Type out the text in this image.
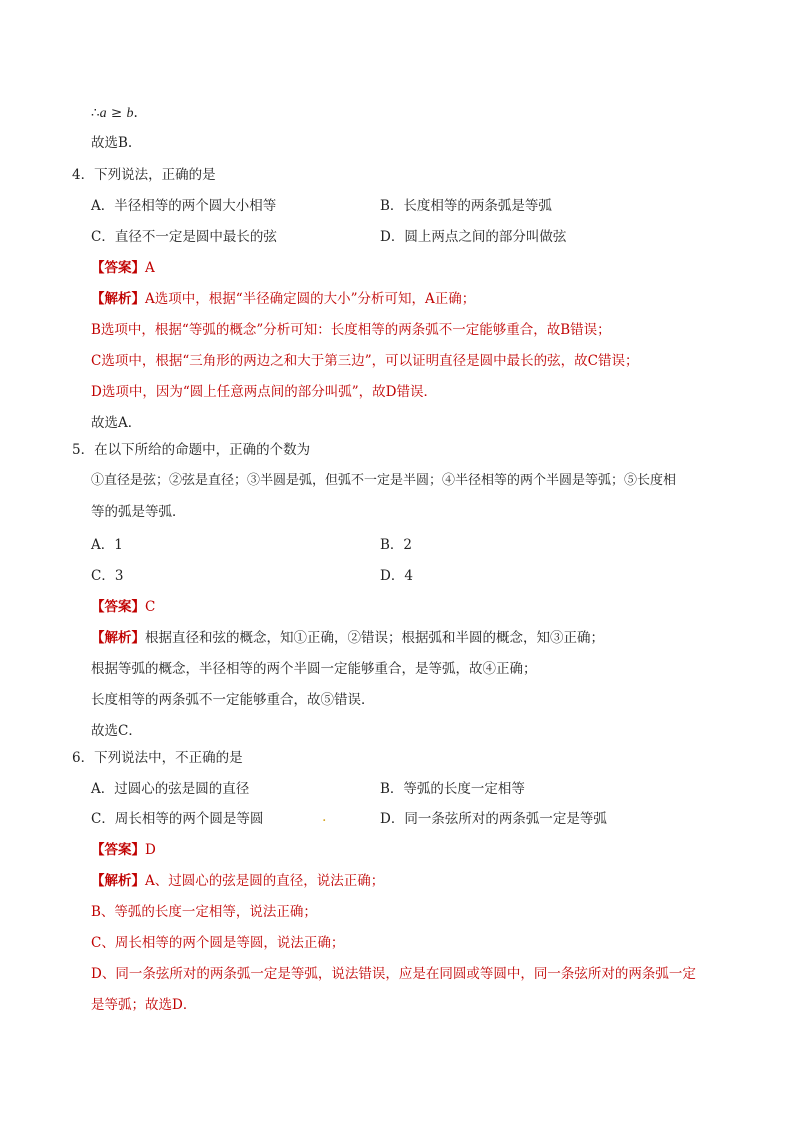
∴a ≥ b.
故选B.
4．下列说法，正确的是
A．半径相等的两个圆大小相等	B．长度相等的两条弧是等弧
C．直径不一定是圆中最长的弦	D．圆上两点之间的部分叫做弦
【答案】A
【解析】A选项中，根据“半径确定圆的大小”分析可知，A正确；
B选项中，根据“等弧的概念”分析可知：长度相等的两条弧不一定能够重合，故B错误；
C选项中，根据“三角形的两边之和大于第三边”，可以证明直径是圆中最长的弦，故C错误；
D选项中，因为“圆上任意两点间的部分叫弧”，故D错误．
故选A．
5．在以下所给的命题中，正确的个数为
①直径是弦；②弦是直径；③半圆是弧，但弧不一定是半圆；④半径相等的两个半圆是等弧；⑤长度相
等的弧是等弧．
A．1	B．2
C．3	D．4
【答案】C
【解析】根据直径和弦的概念，知①正确，②错误；根据弧和半圆的概念，知③正确；
根据等弧的概念，半径相等的两个半圆一定能够重合，是等弧，故④正确；
长度相等的两条弧不一定能够重合，故⑤错误．
故选C．
6．下列说法中，不正确的是
A．过圆心的弦是圆的直径	B．等弧的长度一定相等
C．周长相等的两个圆是等圆	.	D．同一条弦所对的两条弧一定是等弧
【答案】D
【解析】A、过圆心的弦是圆的直径，说法正确；
B、等弧的长度一定相等，说法正确；
C、周长相等的两个圆是等圆，说法正确；
D、同一条弦所对的两条弧一定是等弧，说法错误，应是在同圆或等圆中，同一条弦所对的两条弧一定
是等弧；故选D．
